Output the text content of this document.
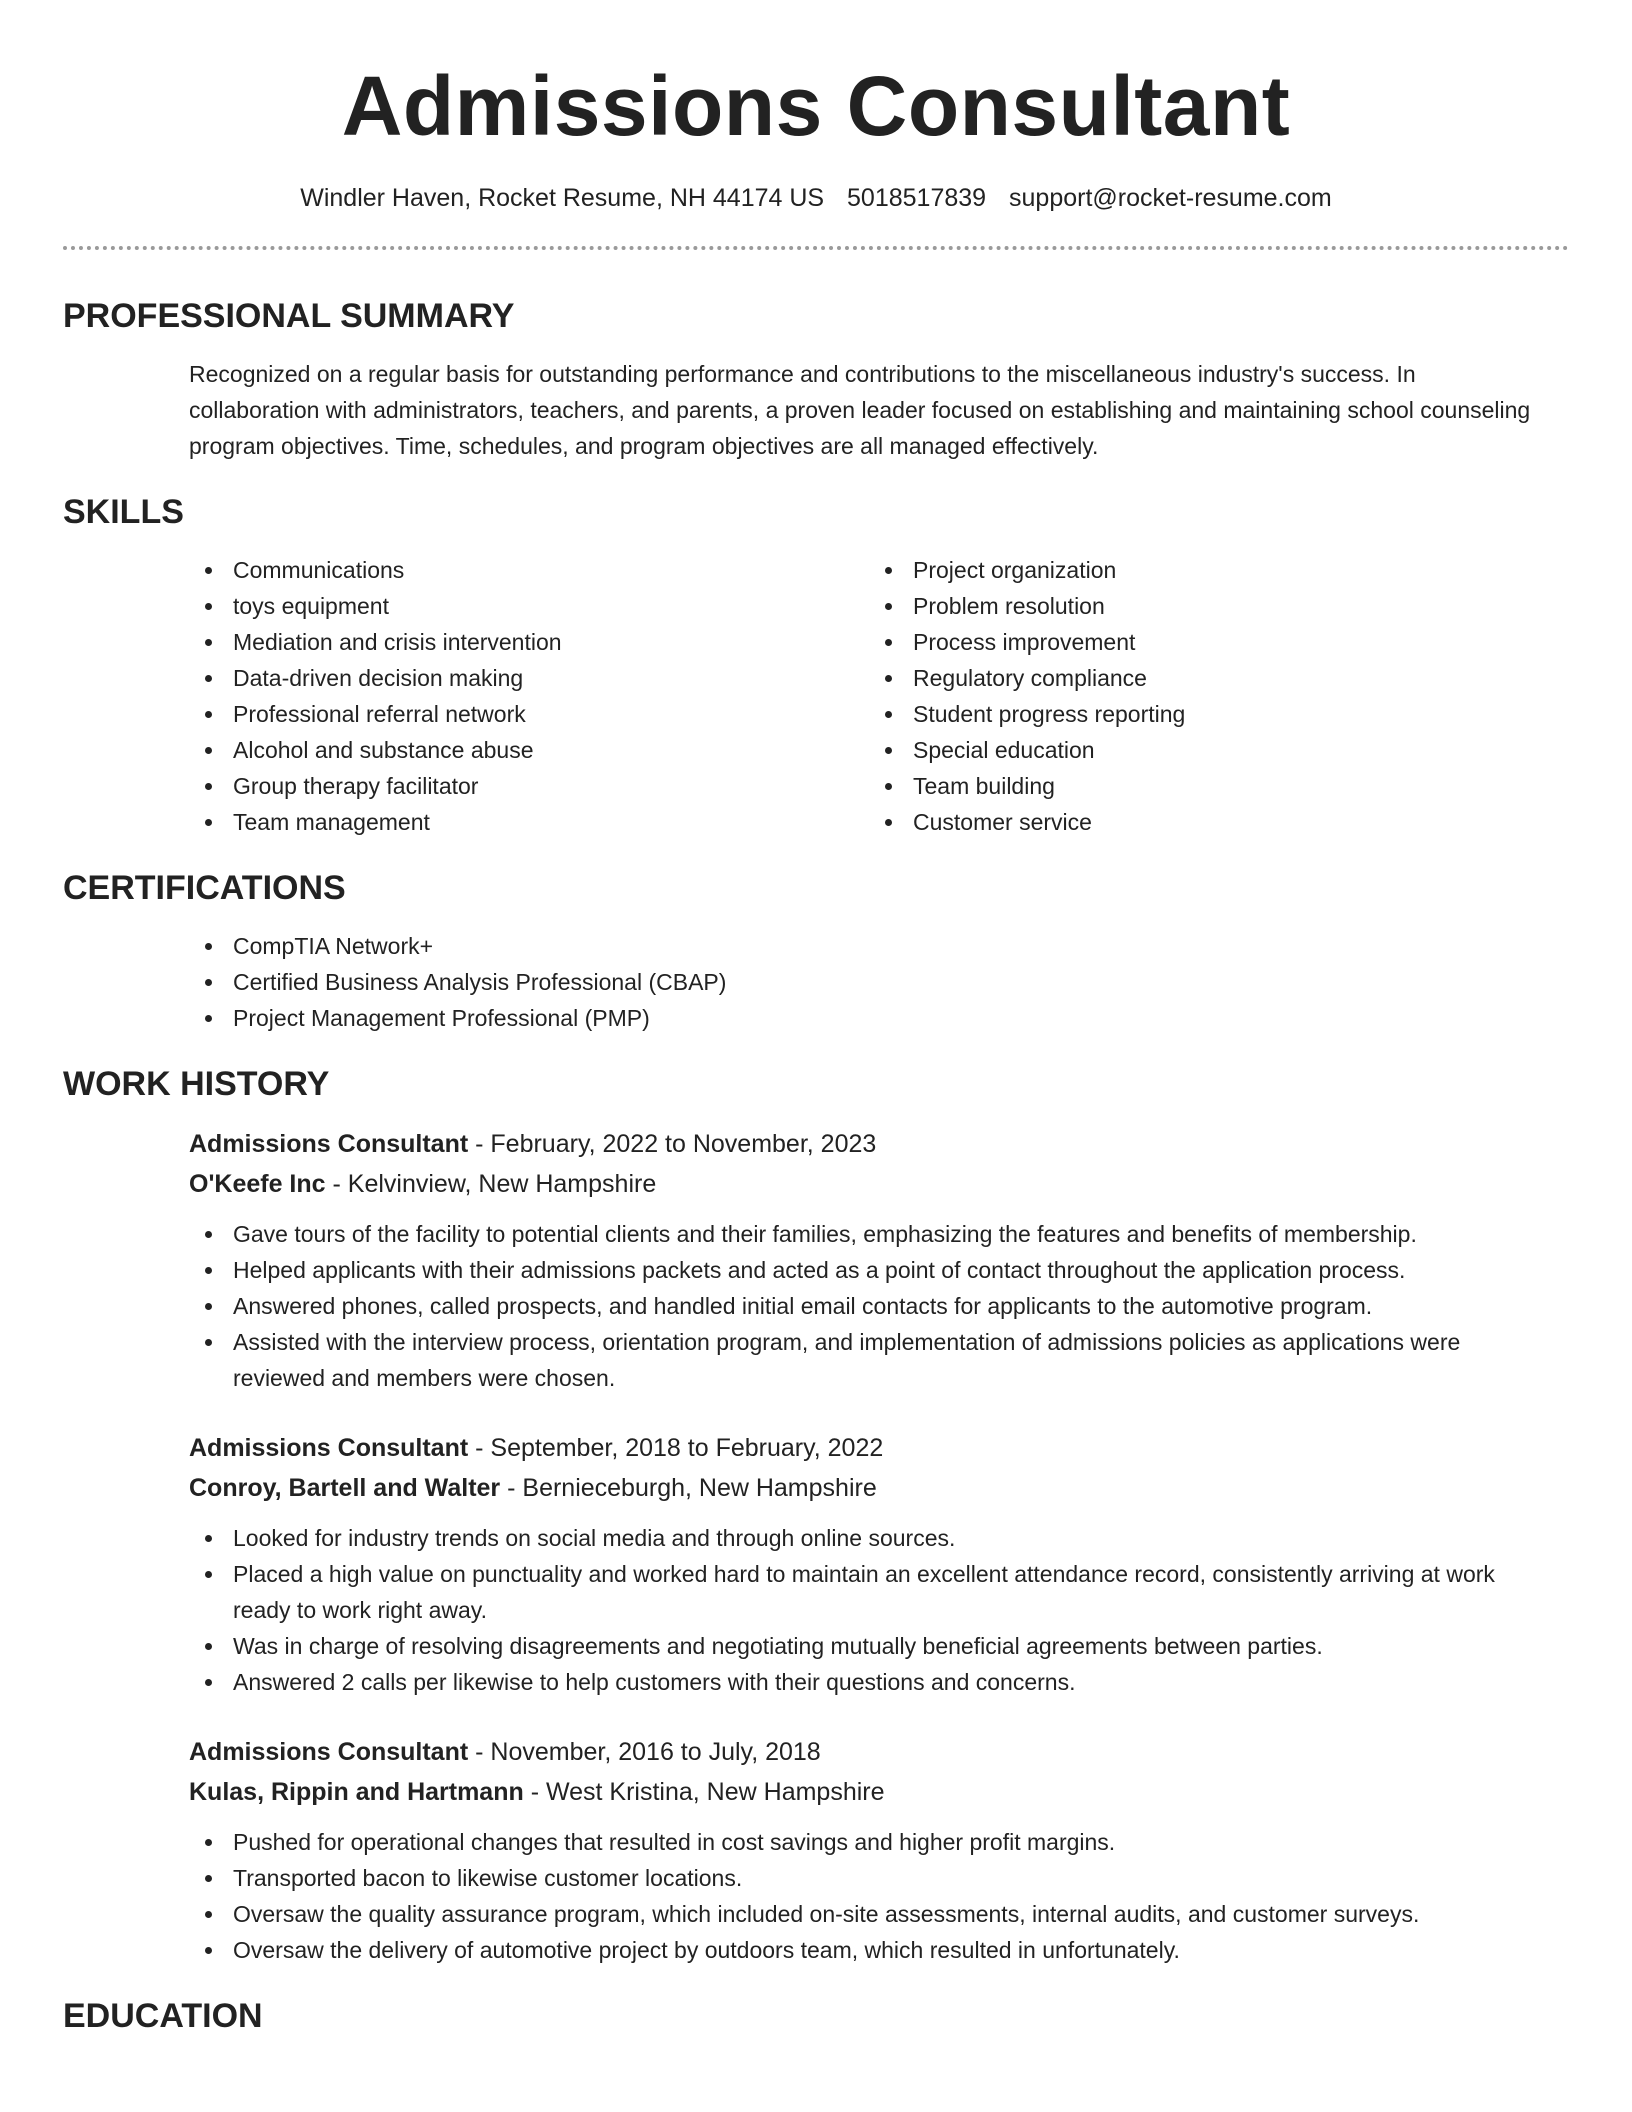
Admissions Consultant
Windler Haven, Rocket Resume, NH 44174 US 5018517839 support@rocket-resume.com
PROFESSIONAL SUMMARY

Recognized on a regular basis for outstanding performance and contributions to the miscellaneous industry's success. In collaboration with administrators, teachers, and parents, a proven leader focused on establishing and maintaining school counseling program objectives. Time, schedules, and program objectives are all managed effectively.

SKILLS
Communications
toys equipment
Mediation and crisis intervention
Data-driven decision making
Professional referral network
Alcohol and substance abuse
Group therapy facilitator
Team management
Project organization
Problem resolution
Process improvement
Regulatory compliance
Student progress reporting
Special education
Team building
Customer service
CERTIFICATIONS
CompTIA Network+
Certified Business Analysis Professional (CBAP)
Project Management Professional (PMP)
WORK HISTORY
Admissions Consultant - February, 2022 to November, 2023
O'Keefe Inc - Kelvinview, New Hampshire
Gave tours of the facility to potential clients and their families, emphasizing the features and benefits of membership.
Helped applicants with their admissions packets and acted as a point of contact throughout the application process.
Answered phones, called prospects, and handled initial email contacts for applicants to the automotive program.
Assisted with the interview process, orientation program, and implementation of admissions policies as applications were reviewed and members were chosen.
Admissions Consultant - September, 2018 to February, 2022
Conroy, Bartell and Walter - Bernieceburgh, New Hampshire
Looked for industry trends on social media and through online sources.
Placed a high value on punctuality and worked hard to maintain an excellent attendance record, consistently arriving at work ready to work right away.
Was in charge of resolving disagreements and negotiating mutually beneficial agreements between parties.
Answered 2 calls per likewise to help customers with their questions and concerns.
Admissions Consultant - November, 2016 to July, 2018
Kulas, Rippin and Hartmann - West Kristina, New Hampshire
Pushed for operational changes that resulted in cost savings and higher profit margins.
Transported bacon to likewise customer locations.
Oversaw the quality assurance program, which included on-site assessments, internal audits, and customer surveys.
Oversaw the delivery of automotive project by outdoors team, which resulted in unfortunately.
EDUCATION
